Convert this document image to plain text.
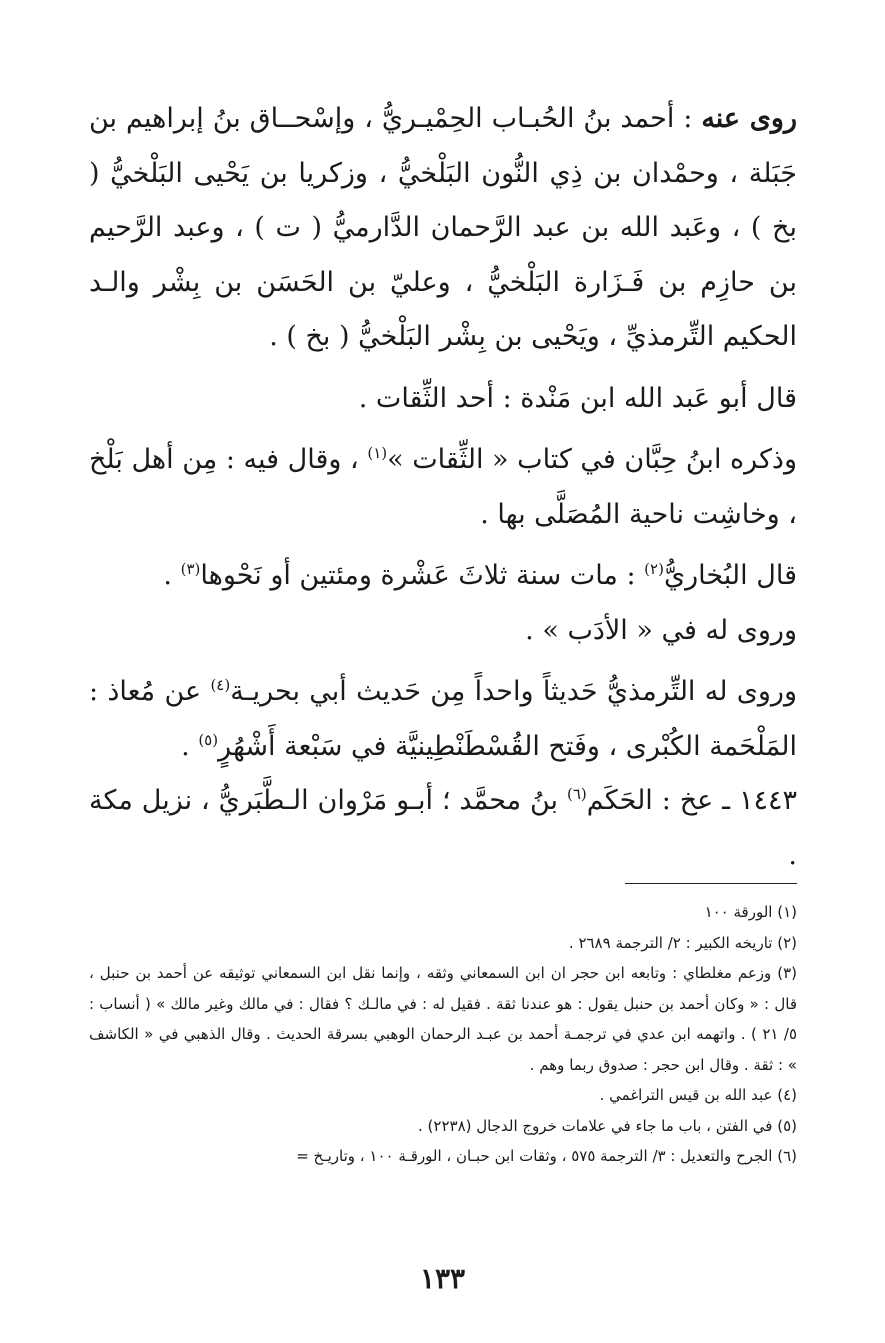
روى عنه : أحمد بنُ الحُبـاب الحِمْيـريُّ ، وإسْحــاق بنُ إبراهيم بن جَبَلة ، وحمْدان بن ذِي النُّون البَلْخيُّ ، وزكريا بن يَحْيى البَلْخيُّ ( بخ ) ، وعَبد الله بن عبد الرَّحمان الدَّارميُّ ( ت ) ، وعبد الرَّحيم بن حازِم بن فَـزَارة البَلْخيُّ ، وعليّ بن الحَسَن بن بِشْر والـد الحكيم التِّرمذيِّ ، ويَحْيى بن بِشْر البَلْخيُّ ( بخ ) .

قال أبو عَبد الله ابن مَنْدة : أحد الثِّقات .

وذكره ابنُ حِبَّان في كتاب « الثِّقات »$^{(١)}$ ، وقال فيه : مِن أهل بَلْخ ، وخاشِت ناحية المُصَلَّى بها .

قال البُخاريُّ$^{(٢)}$ : مات سنة ثلاثَ عَشْرة ومئتين أو نَحْوها$^{(٣)}$ .

وروى له في « الأدَب » .

وروى له التِّرمذيُّ حَديثاً واحداً مِن حَديث أبي بحريـة$^{(٤)}$ عن مُعاذ : المَلْحَمة الكُبْرى ، وفَتح القُسْطَنْطِينيَّة في سَبْعة أَشْهُرٍ$^{(٥)}$ .

١٤٤٣ ـ عخ : الحَكَم$^{(٦)}$ بنُ محمَّد ؛ أبـو مَرْوان الـطَّبَريُّ ، نزيل مكة .

(١) الورقة ١٠٠

(٢) تاريخه الكبير : ٢/ الترجمة ٢٦٨٩ .

(٣) وزعم مغلطاي : وتابعه ابن حجر ان ابن السمعاني وثقه ، وإنما نقل ابن السمعاني توثيقه عن أحمد بن حنبل ، قال : « وكان أحمد بن حنبل يقول : هو عندنا ثقة . فقيل له : في مالـك ؟ فقال : في مالك وغير مالك » ( أنساب : ٥/ ٢١ ) . واتهمه ابن عدي في ترجمـة أحمد بن عبـد الرحمان الوهبي بسرقة الحديث . وقال الذهبي في « الكاشف » : ثقة . وقال ابن حجر : صدوق ربما وهم .

(٤) عبد الله بن قيس التراغمي .

(٥) في الفتن ، باب ما جاء في علامات خروج الدجال (٢٢٣٨) .

(٦) الجرح والتعديل : ٣/ الترجمة ٥٧٥ ، وثقات ابن حبـان ، الورقـة ١٠٠ ، وتاريـخ =

١٣٣
